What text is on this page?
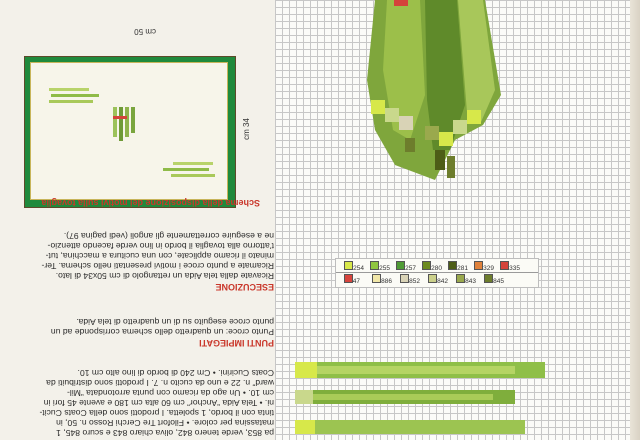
cm 50
cm 34
Schema della disposizione dei motivi sulla tovaglia
ESECUZIONE
Ricavate dalla tela Aida un rettangolo di cm 50x34 di lato.
Ricamate a punto croce i motivi presentati nello schema. Ter-
minato il ricamo applicate, con una cucitura a macchina, tut-
t’attorno alla tovaglia il bordo in lino verde facendo attenzio-
ne a eseguire correttamente gli angoli (vedi pagina 97).
PUNTI IMPIEGATI
Punto croce: un quadretto dello schema corrisponde ad un
punto croce eseguito su di un quadretto di tela Aida.
pa 853, verde tenero 842, oliva chiaro 843 e scuro 845, 1
matassina per colore. • Filofort Tre Cerchi Rosso n. 50, in
tinta con il bordo, 1 spoletta. I prodotti sono della Coats Cucit-
ni. • Tela Aida “Anchor” cm 60 alta cm 180 e avente 45 fori in
cm 10. • Un ago da ricamo con punta arrotondata “Mil-
ward” n. 22 e uno da cucito n. 7. I prodotti sono distribuiti da
Coats Cucirini. • Cm 240 di bordo di lino alto cm 10.
47	886	852	842	843	845
254 255 257 280 281 329 335
